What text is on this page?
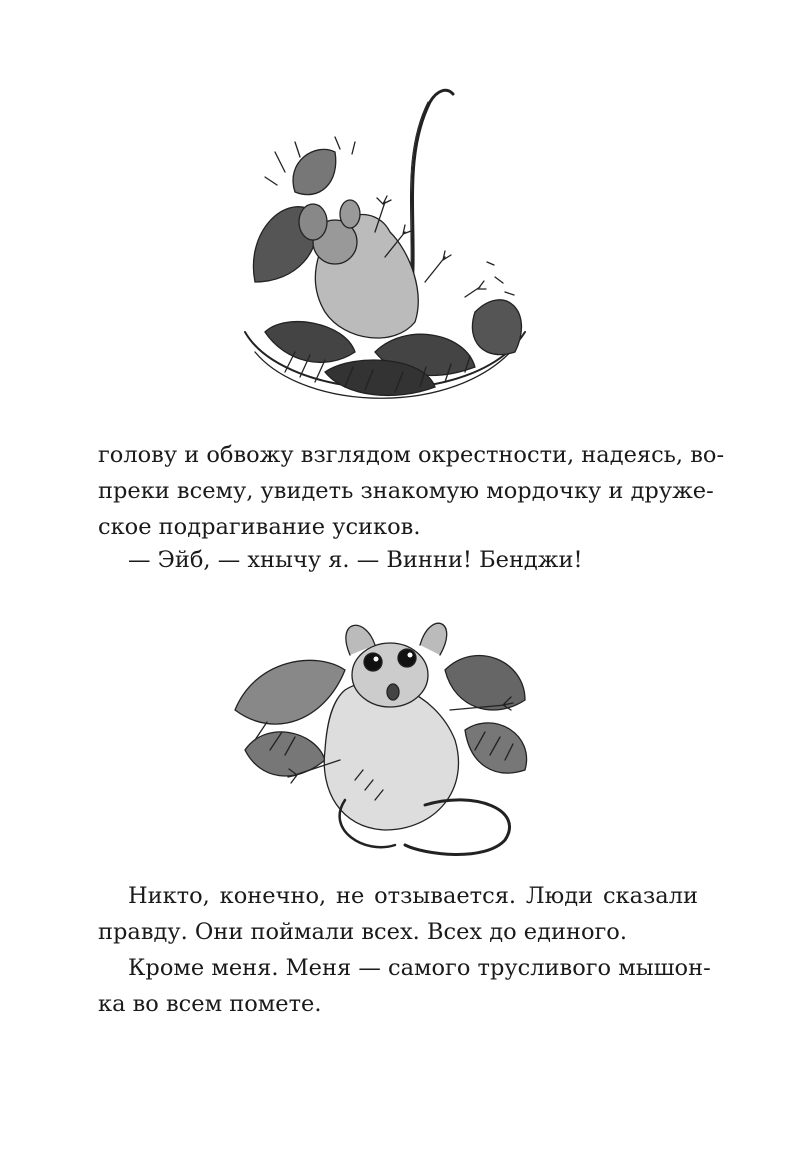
голову и обвожу взглядом окрестности, надеясь, во-
преки всему, увидеть знакомую мордочку и друже-
ское подрагивание усиков.
— Эйб, — хнычу я. — Винни! Бенджи!
Никто, конечно, не отзывается. Люди сказали
правду. Они поймали всех. Всех до единого.
Кроме меня. Меня — самого трусливого мышон-
ка во всем помете.
